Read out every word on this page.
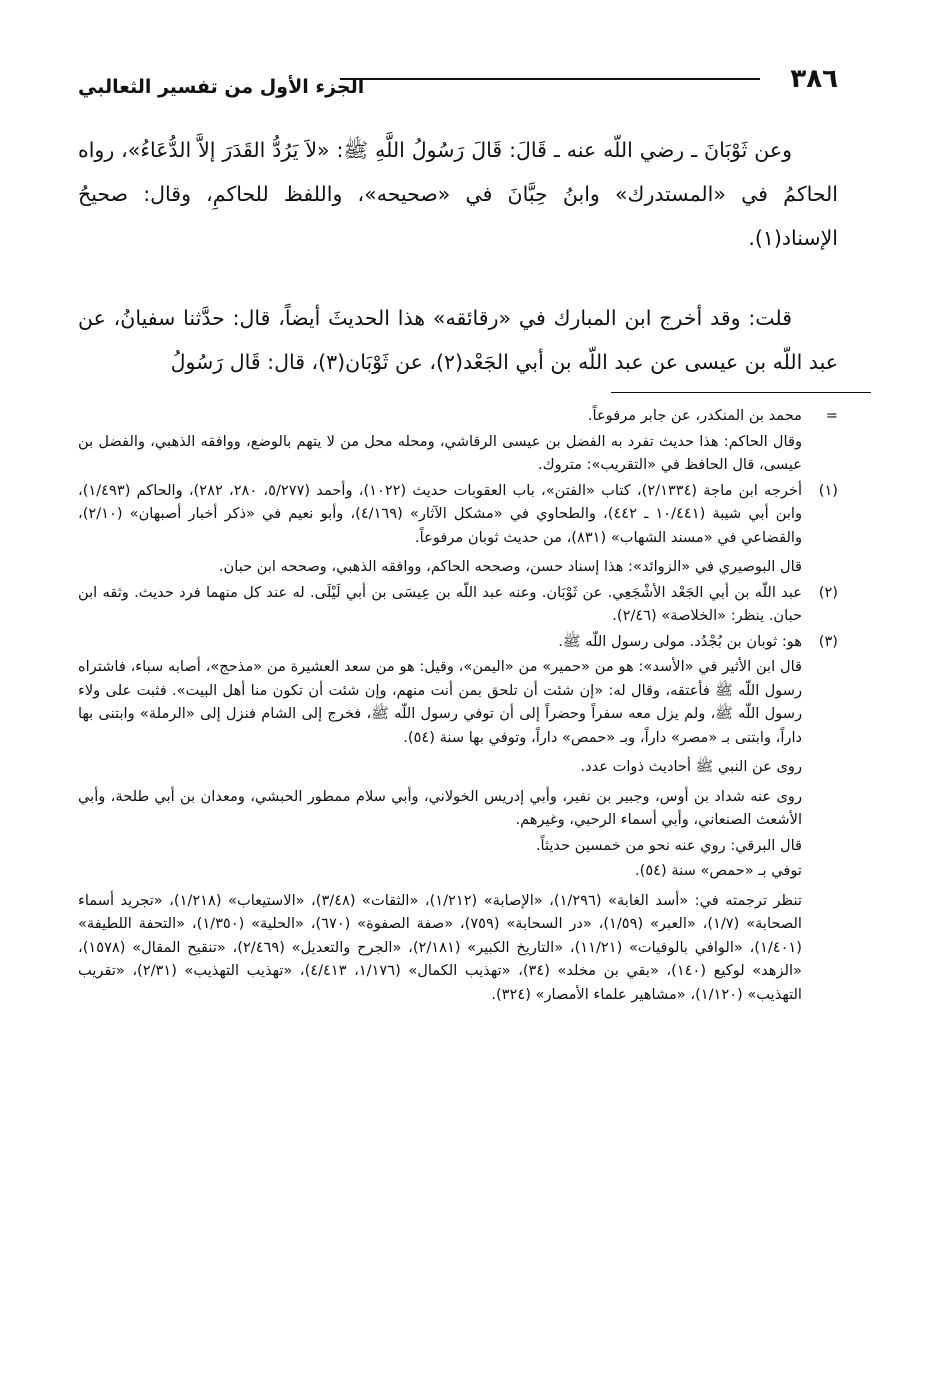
٣٨٦
الجزء الأول من تفسير الثعالبي

وعن ثَوْبَانَ ـ رضي اللّه عنه ـ قَالَ: قَالَ رَسُولُ اللَّهِ ﷺ: «لاَ يَرُدُّ القَدَرَ إلاَّ الدُّعَاءُ»، رواه الحاكمُ في «المستدرك» وابنُ حِبَّانَ في «صحيحه»، واللفظ للحاكمِ، وقال: صحيحُ الإسناد(١).

قلت: وقد أخرج ابن المبارك في «رقائقه» هذا الحديثَ أيضاً، قال: حدَّثنا سفيانُ، عن عبد اللّه بن عيسى عن عبد اللّه بن أبي الجَعْد(٢)، عن ثَوْبَان(٣)، قال: قَال رَسُولُ

=

محمد بن المنكدر، عن جابر مرفوعاً.

وقال الحاكم: هذا حديث تفرد به الفضل بن عيسى الرقاشي، ومحله محل من لا يتهم بالوضع، ووافقه الذهبي، والفضل بن عيسى، قال الحافظ في «التقريب»: متروك.

(١)

أخرجه ابن ماجة (٢/١٣٣٤)، كتاب «الفتن»، باب العقوبات حديث (١٠٢٢)، وأحمد (٥/٢٧٧، ٢٨٠، ٢٨٢)، والحاكم (١/٤٩٣)، وابن أبي شيبة (١٠/٤٤١ ـ ٤٤٢)، والطحاوي في «مشكل الآثار» (٤/١٦٩)، وأبو نعيم في «ذكر أخبار أصبهان» (٢/١٠)، والقضاعي في «مسند الشهاب» (٨٣١)، من حديث ثوبان مرفوعاً.

قال البوصيري في «الزوائد»: هذا إسناد حسن، وصححه الحاكم، ووافقه الذهبي، وصححه ابن حبان.

(٢)

عبد اللّه بن أبي الجَعْد الأشْجَعِي. عن ثَوْبَان. وعنه عبد اللّه بن عِيسَى بن أبي لَيْلَى. له عند كل منهما فرد حديث. وثقه ابن حبان. ينظر: «الخلاصة» (٢/٤٦).

(٣)

هو: ثوبان بن بُجْدُد. مولى رسول اللّه ﷺ.

قال ابن الأثير في «الأسد»: هو من «حمير» من «اليمن»، وقيل: هو من سعد العشيرة من «مذحج»، أصابه سباء، فاشتراه رسول اللّه ﷺ فأعتقه، وقال له: «إن شئت أن تلحق بمن أنت منهم، وإن شئت أن تكون منا أهل البيت». فثبت على ولاء رسول اللّه ﷺ، ولم يزل معه سفراً وحضراً إلى أن توفي رسول اللّه ﷺ، فخرج إلى الشام فنزل إلى «الرملة» وابتنى بها داراً، وابتنى بـ «مصر» داراً، وبـ «حمص» داراً، وتوفي بها سنة (٥٤).

روى عن النبي ﷺ أحاديث ذوات عدد.

روى عنه شداد بن أوس، وجبير بن نفير، وأبي إدريس الخولاني، وأبي سلام ممطور الحبشي، ومعدان بن أبي طلحة، وأبي الأشعث الصنعاني، وأبي أسماء الرحبي، وغيرهم.

قال البرقي: روي عنه نحو من خمسين حديثاً.

توفي بـ «حمص» سنة (٥٤).

تنظر ترجمته في: «أسد الغابة» (١/٢٩٦)، «الإصابة» (١/٢١٢)، «الثقات» (٣/٤٨)، «الاستيعاب» (١/٢١٨)، «تجريد أسماء الصحابة» (١/٧)، «العبر» (١/٥٩)، «در السحابة» (٧٥٩)، «صفة الصفوة» (٦٧٠)، «الحلية» (١/٣٥٠)، «التحفة اللطيفة» (١/٤٠١)، «الوافي بالوفيات» (١١/٢١)، «التاريخ الكبير» (٢/١٨١)، «الجرح والتعديل» (٢/٤٦٩)، «تنقيح المقال» (١٥٧٨)، «الزهد» لوكيع (١٤٠)، «بقي بن مخلد» (٣٤)، «تهذيب الكمال» (١/١٧٦، ٤/٤١٣)، «تهذيب التهذيب» (٢/٣١)، «تقريب التهذيب» (١/١٢٠)، «مشاهير علماء الأمصار» (٣٢٤).
